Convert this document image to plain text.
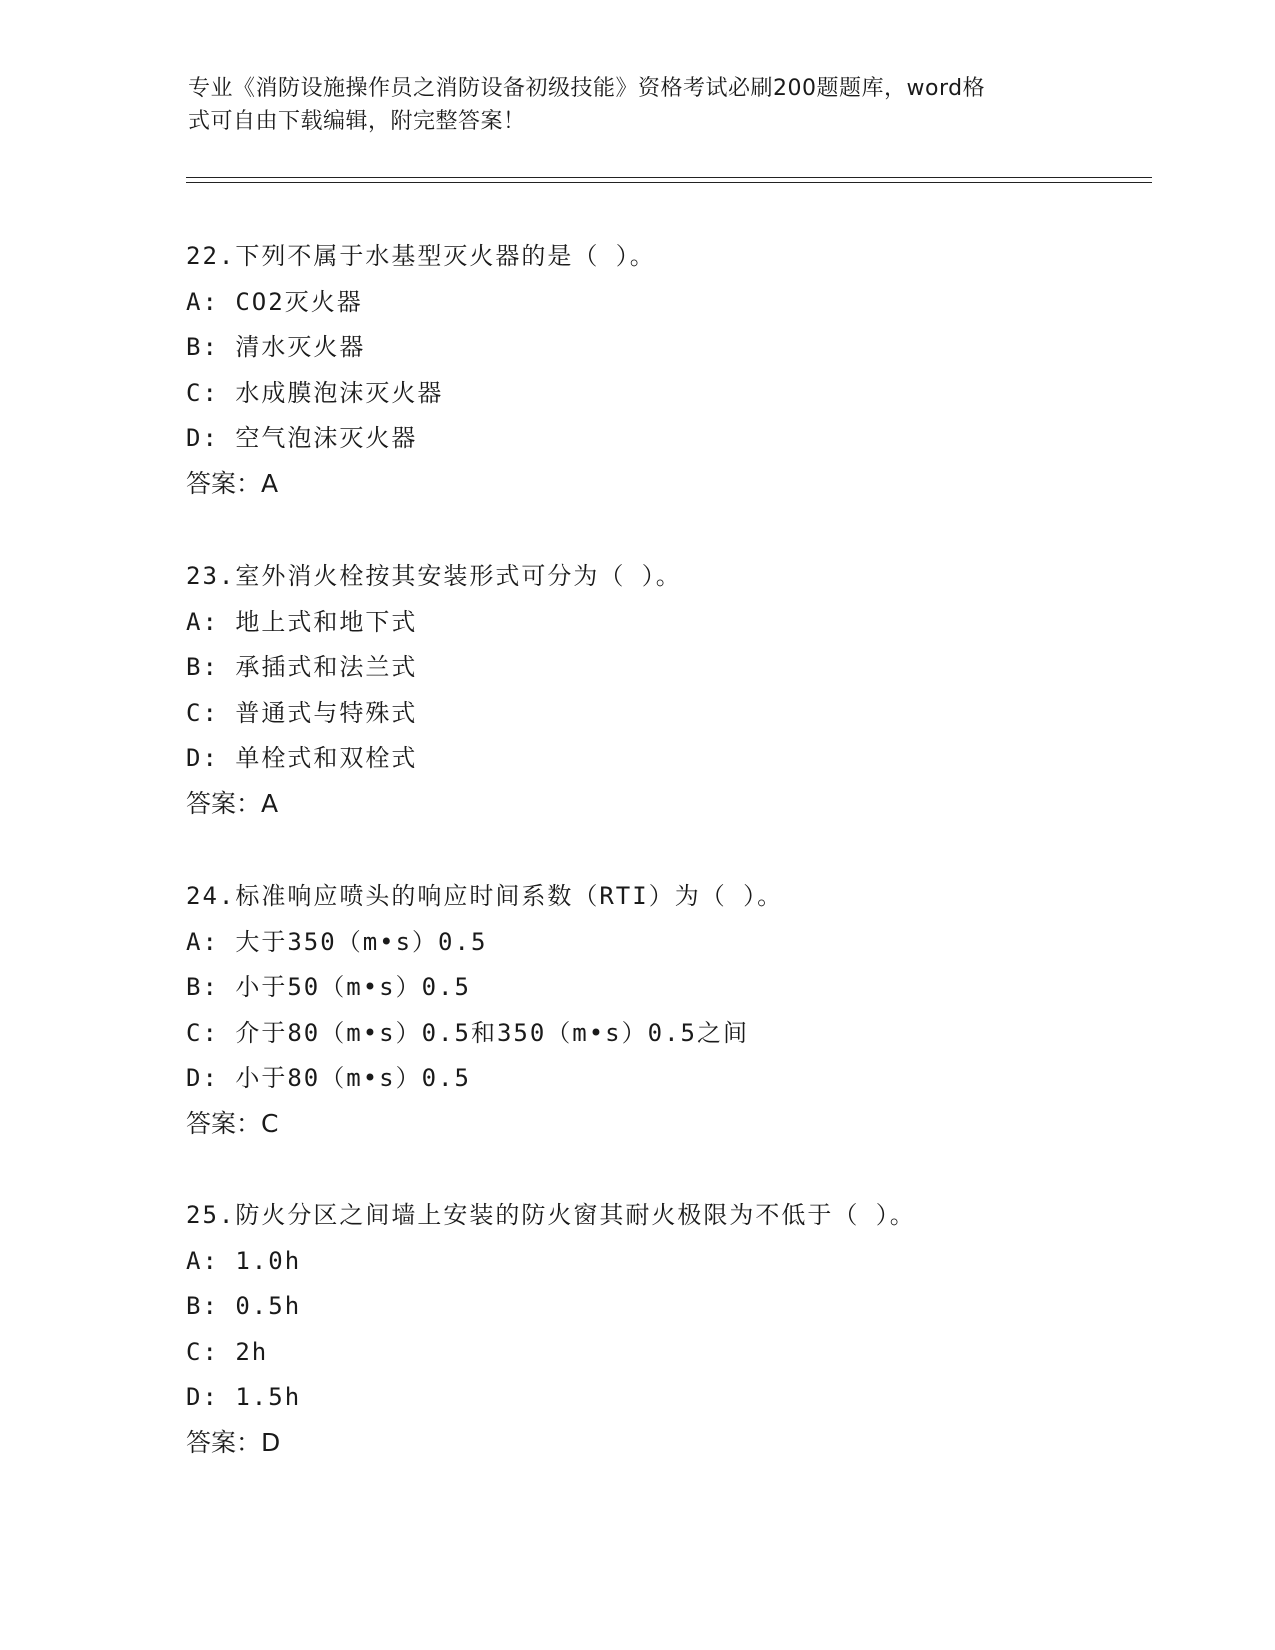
专业《消防设施操作员之消防设备初级技能》资格考试必刷200题题库，word格
式可自由下载编辑，附完整答案！
22.下列不属于水基型灭火器的是（ ）。
A: CO2灭火器
B: 清水灭火器
C: 水成膜泡沫灭火器
D: 空气泡沫灭火器
答案：A
23.室外消火栓按其安装形式可分为（ ）。
A: 地上式和地下式
B: 承插式和法兰式
C: 普通式与特殊式
D: 单栓式和双栓式
答案：A
24.标准响应喷头的响应时间系数（RTI）为（ ）。
A: 大于350（m•s）0.5
B: 小于50（m•s）0.5
C: 介于80（m•s）0.5和350（m•s）0.5之间
D: 小于80（m•s）0.5
答案：C
25.防火分区之间墙上安装的防火窗其耐火极限为不低于（ ）。
A: 1.0h
B: 0.5h
C: 2h
D: 1.5h
答案：D
